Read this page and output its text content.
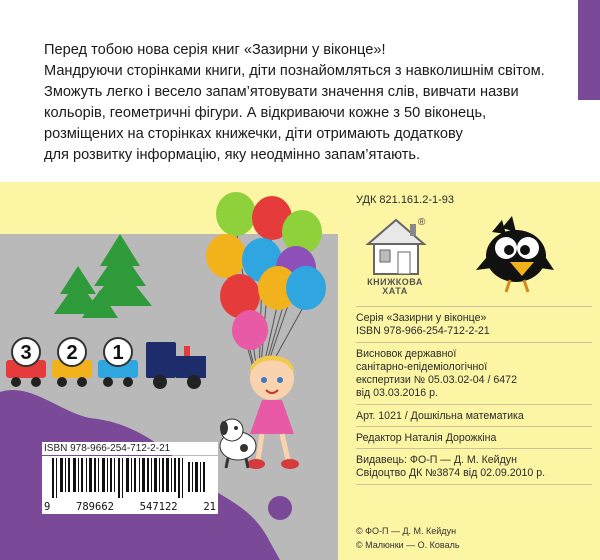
Перед тобою нова серія книг «Зазирни у віконце»!

Мандруючи сторінками книги, діти познайомляться з навколишнім світом.

Зможуть легко і весело запам’ятовувати значення слів, вивчати назви

кольорів, геометричні фігури. А відкриваючи кожне з 50 віконець,

розміщених на сторінках книжечки, діти отримають додаткову

для розвитку інформацію, яку неодмінно запам’ятають.

УДК 821.161.2-1-93
®
КНИЖКОВА
ХАТА
Серія «Зазирни у віконце»
ISBN 978-966-254-712-2-21
Висновок державної
санітарно-епідеміологічної
експертизи № 05.03.02-04 / 6472
від 03.03.2016 р.
Арт. 1021 / Дошкільна математика
Редактор Наталія Дорожкіна
Видавець: ФО-П — Д. М. Кейдун
Свідоцтво ДК №3874 від 02.09.2010 р.
3 2 1
ISBN 978-966-254-712-2-21
9 789662 547122 21
© ФО-П — Д. М. Кейдун
© Малюнки — О. Коваль
